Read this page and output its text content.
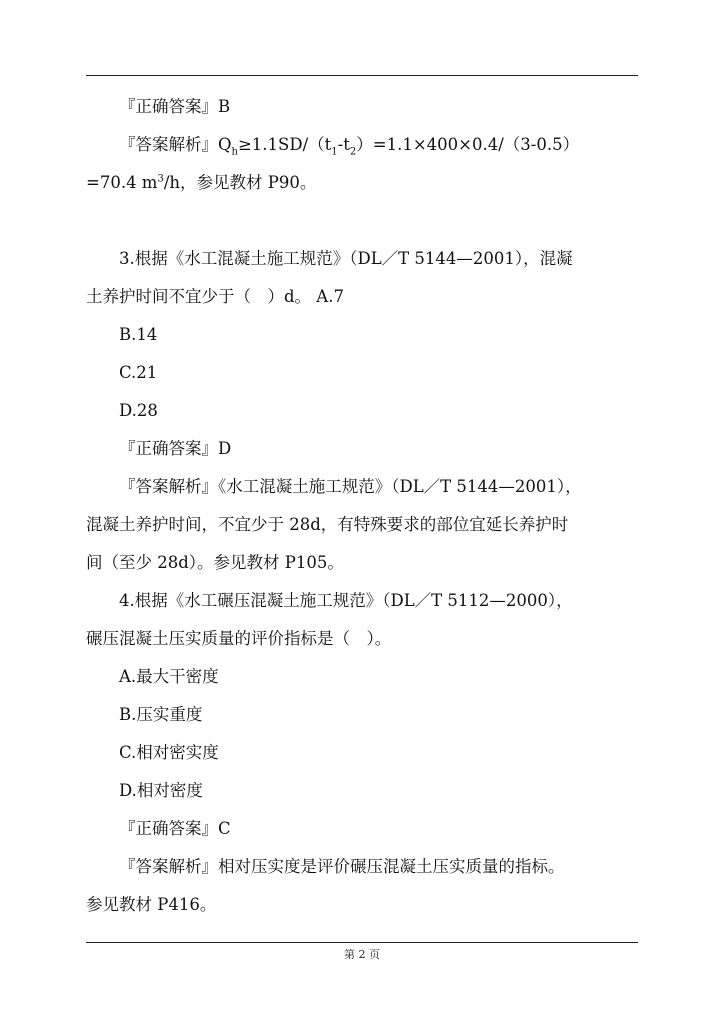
『正确答案』B

『答案解析』$Q_h\ge 1.1SD/(t_1-t_2)=1.1\times 400\times 0.4/(3-0.5)$

=70.4 $m^3/h$，参见教材 P90。

3.根据《水工混凝土施工规范》（DL／T 5144—2001），混凝

土养护时间不宜少于（　）d。 A.7

B.14

C.21

D.28

『正确答案』D

『答案解析』《水工混凝土施工规范》（DL／T 5144—2001），

混凝土养护时间，不宜少于 28d，有特殊要求的部位宜延长养护时

间（至少 28d）。参见教材 P105。

4.根据《水工碾压混凝土施工规范》（DL／T 5112—2000），

碾压混凝土压实质量的评价指标是（　）。

A.最大干密度

B.压实重度

C.相对密实度

D.相对密度

『正确答案』C

『答案解析』相对压实度是评价碾压混凝土压实质量的指标。

参见教材 P416。

第 2 页
